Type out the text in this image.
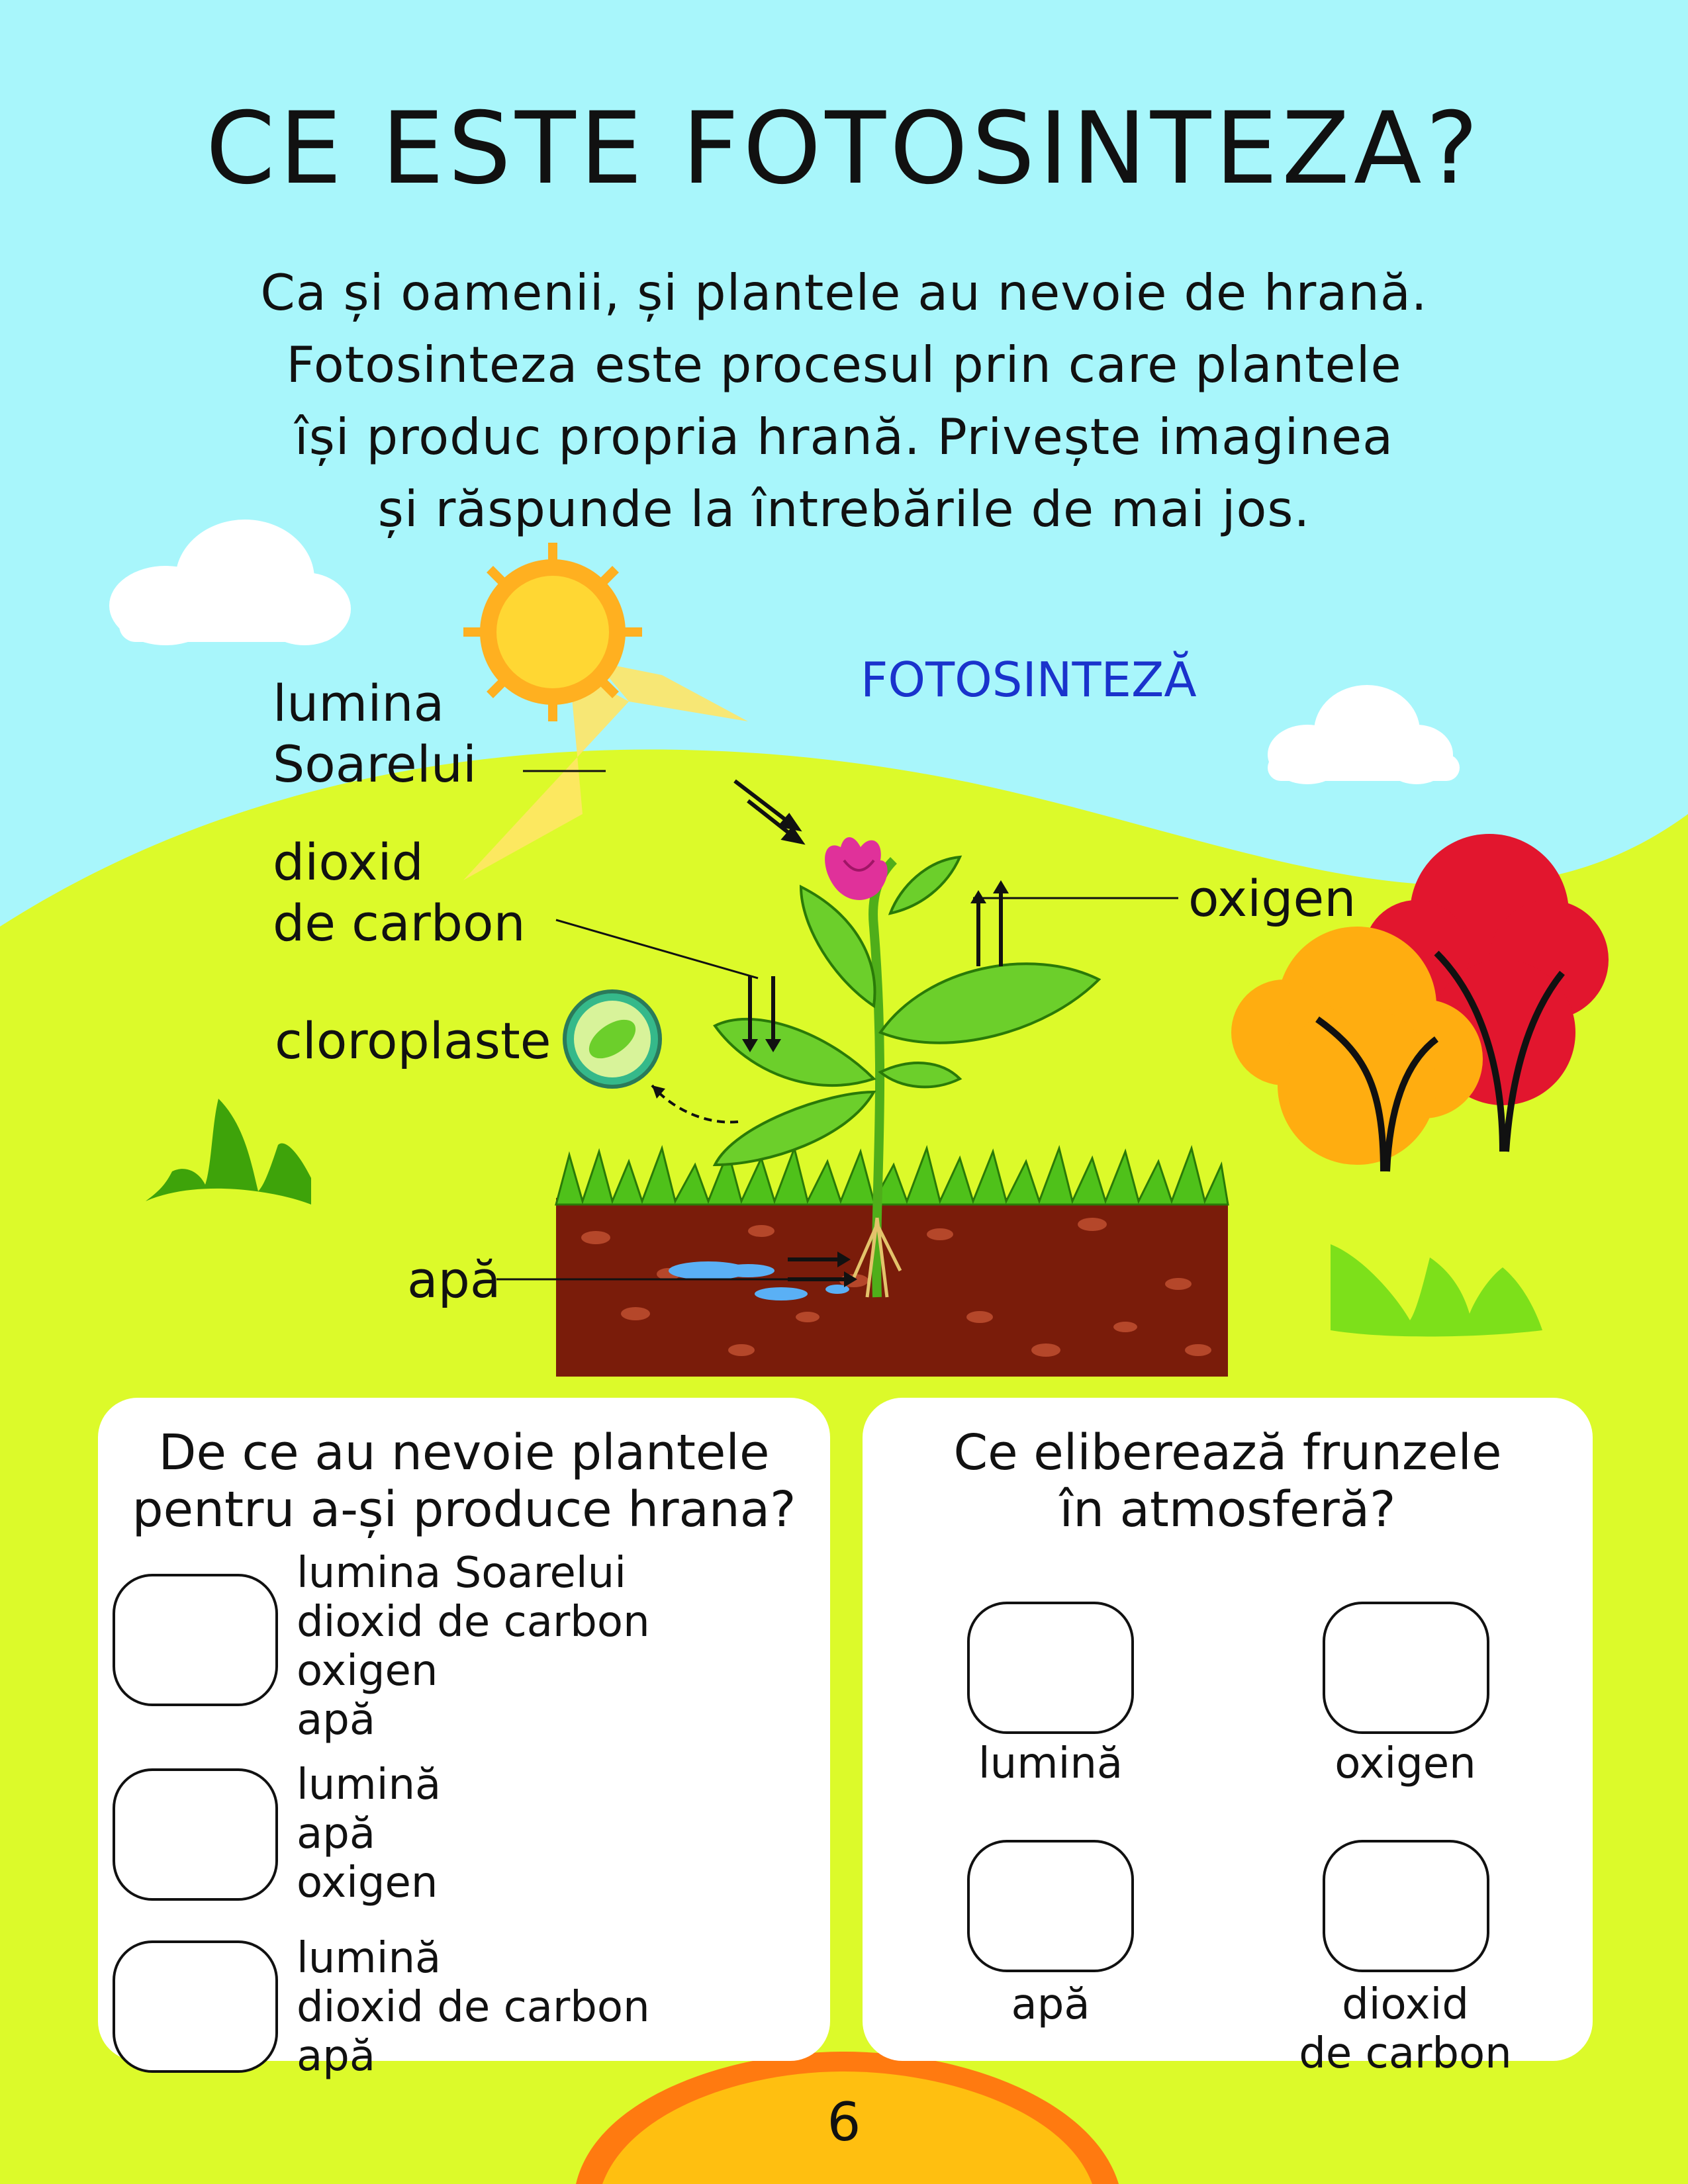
CE ESTE FOTOSINTEZA?

Ca și oamenii, și plantele au nevoie de hrană.
Fotosinteza este procesul prin care plantele
își produc propria hrană. Privește imaginea
și răspunde la întrebările de mai jos.

FOTOSINTEZĂ
lumina
Soarelui
dioxid
de carbon
cloroplaste
apă
oxigen
De ce au nevoie plantele
pentru a-și produce hrana?
lumina Soarelui
dioxid de carbon
oxigen
apă
lumină
apă
oxigen
lumină
dioxid de carbon
apă
Ce eliberează frunzele
în atmosferă?
lumină	oxigen
apă	dioxid
de carbon
6
